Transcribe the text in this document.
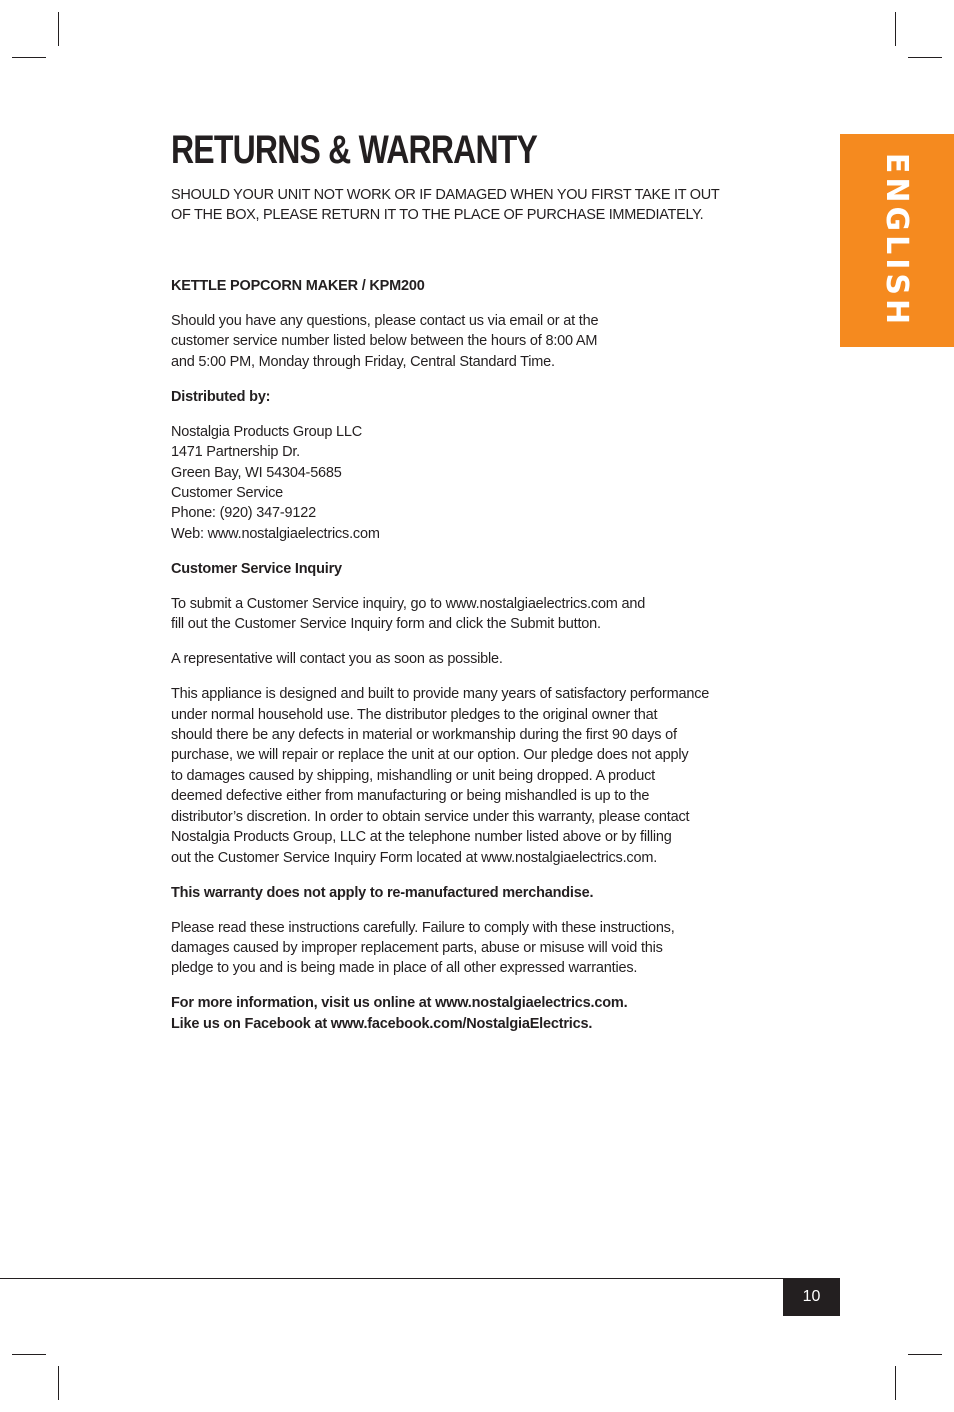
ENGLISH
RETURNS & WARRANTY

SHOULD YOUR UNIT NOT WORK OR IF DAMAGED WHEN YOU FIRST TAKE IT OUT
OF THE BOX, PLEASE RETURN IT TO THE PLACE OF PURCHASE IMMEDIATELY.

KETTLE POPCORN MAKER / KPM200

Should you have any questions, please contact us via email or at the
customer service number listed below between the hours of 8:00 AM
and 5:00 PM, Monday through Friday, Central Standard Time.

Distributed by:

Nostalgia Products Group LLC
1471 Partnership Dr.
Green Bay, WI 54304-5685
Customer Service
Phone: (920) 347-9122
Web: www.nostalgiaelectrics.com

Customer Service Inquiry

To submit a Customer Service inquiry, go to www.nostalgiaelectrics.com and
fill out the Customer Service Inquiry form and click the Submit button.

A representative will contact you as soon as possible.

This appliance is designed and built to provide many years of satisfactory performance
under normal household use. The distributor pledges to the original owner that
should there be any defects in material or workmanship during the first 90 days of
purchase, we will repair or replace the unit at our option. Our pledge does not apply
to damages caused by shipping, mishandling or unit being dropped. A product
deemed defective either from manufacturing or being mishandled is up to the
distributor’s discretion. In order to obtain service under this warranty, please contact
Nostalgia Products Group, LLC at the telephone number listed above or by filling
out the Customer Service Inquiry Form located at www.nostalgiaelectrics.com.

This warranty does not apply to re-manufactured merchandise.

Please read these instructions carefully. Failure to comply with these instructions,
damages caused by improper replacement parts, abuse or misuse will void this
pledge to you and is being made in place of all other expressed warranties.

For more information, visit us online at www.nostalgiaelectrics.com.
Like us on Facebook at www.facebook.com/NostalgiaElectrics.

10
